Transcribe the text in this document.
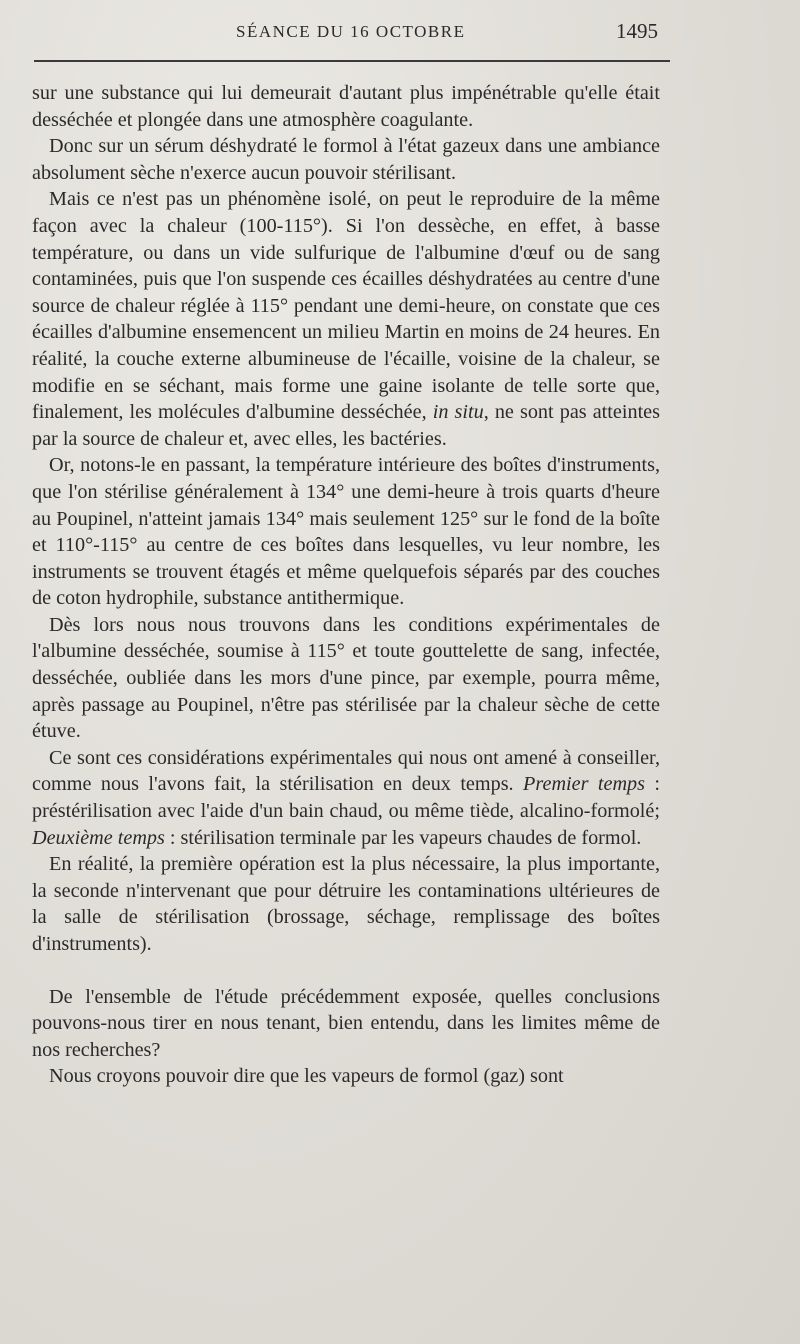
SÉANCE DU 16 OCTOBRE	1495

sur une substance qui lui demeurait d'autant plus impénétrable qu'elle était desséchée et plongée dans une atmosphère coagulante.

Donc sur un sérum déshydraté le formol à l'état gazeux dans une ambiance absolument sèche n'exerce aucun pouvoir stérilisant.

Mais ce n'est pas un phénomène isolé, on peut le reproduire de la même façon avec la chaleur (100-115°). Si l'on dessèche, en effet, à basse température, ou dans un vide sulfurique de l'albumine d'œuf ou de sang contaminées, puis que l'on suspende ces écailles déshydratées au centre d'une source de chaleur réglée à 115° pendant une demi-heure, on constate que ces écailles d'albumine ensemencent un milieu Martin en moins de 24 heures. En réalité, la couche externe albumineuse de l'écaille, voisine de la chaleur, se modifie en se séchant, mais forme une gaine isolante de telle sorte que, finalement, les molécules d'albumine desséchée, in situ, ne sont pas atteintes par la source de chaleur et, avec elles, les bactéries.

Or, notons-le en passant, la température intérieure des boîtes d'instruments, que l'on stérilise généralement à 134° une demi-heure à trois quarts d'heure au Poupinel, n'atteint jamais 134° mais seulement 125° sur le fond de la boîte et 110°-115° au centre de ces boîtes dans lesquelles, vu leur nombre, les instruments se trouvent étagés et même quelquefois séparés par des couches de coton hydrophile, substance antithermique.

Dès lors nous nous trouvons dans les conditions expérimentales de l'albumine desséchée, soumise à 115° et toute gouttelette de sang, infectée, desséchée, oubliée dans les mors d'une pince, par exemple, pourra même, après passage au Poupinel, n'être pas stérilisée par la chaleur sèche de cette étuve.

Ce sont ces considérations expérimentales qui nous ont amené à conseiller, comme nous l'avons fait, la stérilisation en deux temps. Premier temps : préstérilisation avec l'aide d'un bain chaud, ou même tiède, alcalino-formolé; Deuxième temps : stérilisation terminale par les vapeurs chaudes de formol.

En réalité, la première opération est la plus nécessaire, la plus importante, la seconde n'intervenant que pour détruire les contaminations ultérieures de la salle de stérilisation (brossage, séchage, remplissage des boîtes d'instruments).

De l'ensemble de l'étude précédemment exposée, quelles conclusions pouvons-nous tirer en nous tenant, bien entendu, dans les limites même de nos recherches?

Nous croyons pouvoir dire que les vapeurs de formol (gaz) sont
